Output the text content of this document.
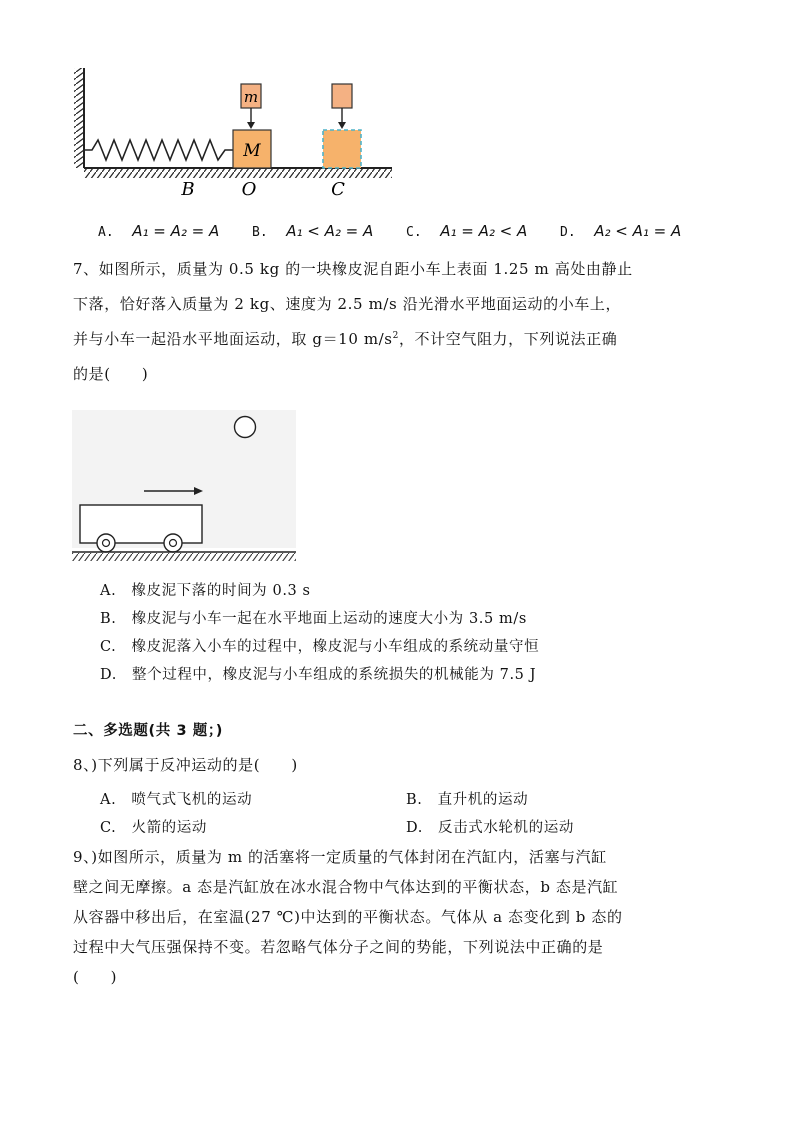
M
m
B	O	C
A. A₁ = A₂ = A	B. A₁ < A₂ = A	C. A₁ = A₂ < A	D. A₂ < A₁ = A
7、如图所示，质量为 0.5 kg 的一块橡皮泥自距小车上表面 1.25 m 高处由静止
下落，恰好落入质量为 2 kg、速度为 2.5 m/s 沿光滑水平地面运动的小车上，
并与小车一起沿水平地面运动，取 g＝10 $m/s^2$，不计空气阻力，下列说法正确
的是(　　)
A.　橡皮泥下落的时间为 0.3 s
B.　橡皮泥与小车一起在水平地面上运动的速度大小为 3.5 m/s
C.　橡皮泥落入小车的过程中，橡皮泥与小车组成的系统动量守恒
D.　整个过程中，橡皮泥与小车组成的系统损失的机械能为 7.5 J
二、多选题(共 3 题；)
8、)下列属于反冲运动的是(　　)
A.　喷气式飞机的运动	B.　直升机的运动
C.　火箭的运动	D.　反击式水轮机的运动
9、)如图所示，质量为 m 的活塞将一定质量的气体封闭在汽缸内，活塞与汽缸
壁之间无摩擦。a 态是汽缸放在冰水混合物中气体达到的平衡状态，b 态是汽缸
从容器中移出后，在室温(27 ℃)中达到的平衡状态。气体从 a 态变化到 b 态的
过程中大气压强保持不变。若忽略气体分子之间的势能，下列说法中正确的是
(　　)
